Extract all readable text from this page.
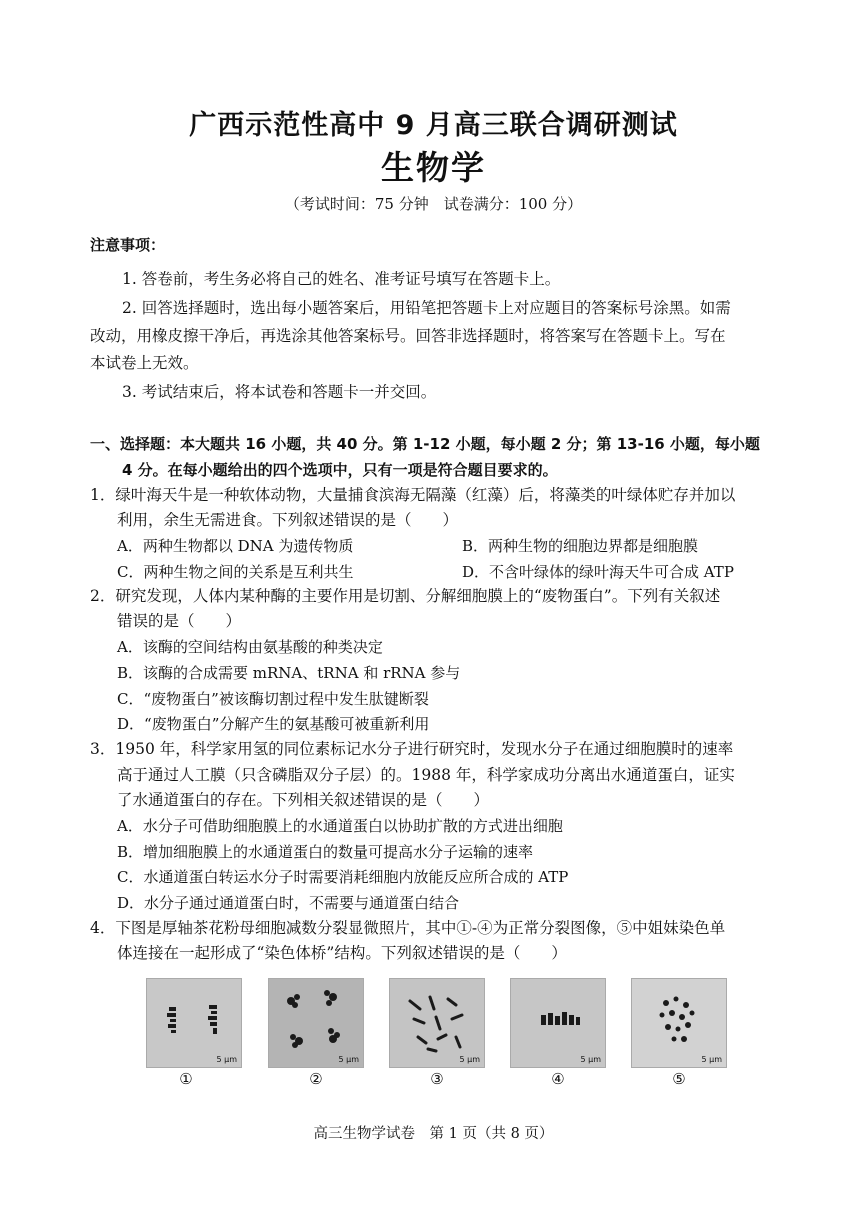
广西示范性高中 9 月高三联合调研测试
生物学
（考试时间：75 分钟　试卷满分：100 分）
注意事项：
1. 答卷前，考生务必将自己的姓名、准考证号填写在答题卡上。
2. 回答选择题时，选出每小题答案后，用铅笔把答题卡上对应题目的答案标号涂黑。如需
改动，用橡皮擦干净后，再选涂其他答案标号。回答非选择题时，将答案写在答题卡上。写在
本试卷上无效。
3. 考试结束后，将本试卷和答题卡一并交回。
一、选择题：本大题共 16 小题，共 40 分。第 1-12 小题，每小题 2 分；第 13-16 小题，每小题
4 分。在每小题给出的四个选项中，只有一项是符合题目要求的。
1．绿叶海天牛是一种软体动物，大量捕食滨海无隔藻（红藻）后，将藻类的叶绿体贮存并加以
利用，余生无需进食。下列叙述错误的是（　　）
A．两种生物都以 DNA 为遗传物质	B．两种生物的细胞边界都是细胞膜
C．两种生物之间的关系是互利共生	D．不含叶绿体的绿叶海天牛可合成 ATP
2．研究发现，人体内某种酶的主要作用是切割、分解细胞膜上的“废物蛋白”。下列有关叙述
错误的是（　　）
A．该酶的空间结构由氨基酸的种类决定
B．该酶的合成需要 mRNA、tRNA 和 rRNA 参与
C．“废物蛋白”被该酶切割过程中发生肽键断裂
D．“废物蛋白”分解产生的氨基酸可被重新利用
3．1950 年，科学家用氢的同位素标记水分子进行研究时，发现水分子在通过细胞膜时的速率
高于通过人工膜（只含磷脂双分子层）的。1988 年，科学家成功分离出水通道蛋白，证实
了水通道蛋白的存在。下列相关叙述错误的是（　　）
A．水分子可借助细胞膜上的水通道蛋白以协助扩散的方式进出细胞
B．增加细胞膜上的水通道蛋白的数量可提高水分子运输的速率
C．水通道蛋白转运水分子时需要消耗细胞内放能反应所合成的 ATP
D．水分子通过通道蛋白时，不需要与通道蛋白结合
4．下图是厚轴茶花粉母细胞减数分裂显微照片，其中①-④为正常分裂图像，⑤中姐妹染色单
体连接在一起形成了“染色体桥”结构。下列叙述错误的是（　　）
5 μm
①
5 μm
②
5 μm
③
5 μm
④
5 μm
⑤
高三生物学试卷　第 1 页（共 8 页）
